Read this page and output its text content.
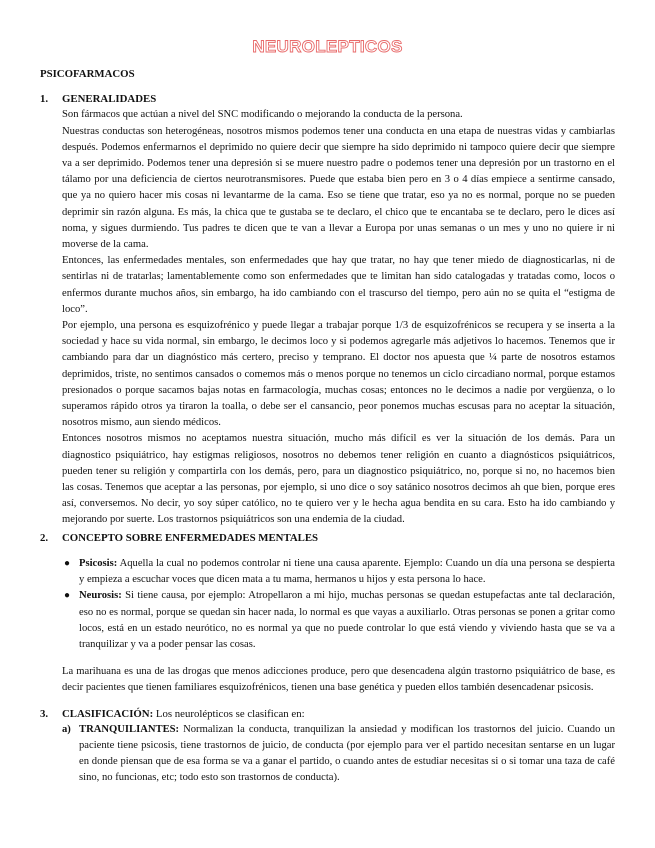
NEUROLEPTICOS
PSICOFARMACOS
1.	GENERALIDADES

Son fármacos que actúan a nivel del SNC modificando o mejorando la conducta de la persona.

Nuestras conductas son heterogéneas, nosotros mismos podemos tener una conducta en una etapa de nuestras vidas y cambiarlas después. Podemos enfermarnos el deprimido no quiere decir que siempre ha sido deprimido ni tampoco quiere decir que siempre va a ser deprimido. Podemos tener una depresión si se muere nuestro padre o podemos tener una depresión por un trastorno en el tálamo por una deficiencia de ciertos neurotransmisores. Puede que estaba bien pero en 3 o 4 días empiece a sentirme cansado, que ya no quiero hacer mis cosas ni levantarme de la cama. Eso se tiene que tratar, eso ya no es normal, porque no se pueden deprimir sin razón alguna. Es más, la chica que te gustaba se te declaro, el chico que te encantaba se te declaro, pero le dices así noma, y sigues durmiendo. Tus padres te dicen que te van a llevar a Europa por unas semanas o un mes y uno no quiere ir ni moverse de la cama.

Entonces, las enfermedades mentales, son enfermedades que hay que tratar, no hay que tener miedo de diagnosticarlas, ni de sentirlas ni de tratarlas; lamentablemente como son enfermedades que te limitan han sido catalogadas y tratadas como, locos o enfermos durante muchos años, sin embargo, ha ido cambiando con el trascurso del tiempo, pero aún no se quita el “estigma de loco”.

Por ejemplo, una persona es esquizofrénico y puede llegar a trabajar porque 1/3 de esquizofrénicos se recupera y se inserta a la sociedad y hace su vida normal, sin embargo, le decimos loco y si podemos agregarle más adjetivos lo hacemos. Tenemos que ir cambiando para dar un diagnóstico más certero, preciso y temprano. El doctor nos apuesta que ¼ parte de nosotros estamos deprimidos, triste, no sentimos cansados o comemos más o menos porque no tenemos un ciclo circadiano normal, porque estamos presionados o porque sacamos bajas notas en farmacología, muchas cosas; entonces no le decimos a nadie por vergüenza, o lo superamos rápido otros ya tiraron la toalla, o debe ser el cansancio, peor ponemos muchas escusas para no aceptar la situación, nosotros mismo, aun siendo médicos.

Entonces nosotros mismos no aceptamos nuestra situación, mucho más difícil es ver la situación de los demás. Para un diagnostico psiquiátrico, hay estigmas religiosos, nosotros no debemos tener religión en cuanto a diagnósticos psiquiátricos, pueden tener su religión y compartirla con los demás, pero, para un diagnostico psiquiátrico, no, porque si no, no hacemos bien las cosas. Tenemos que aceptar a las personas, por ejemplo, si uno dice o soy satánico nosotros decimos ah que bien, porque eres así, conversemos. No decir, yo soy súper católico, no te quiero ver y le hecha agua bendita en su cara. Esto ha ido cambiando y mejorando por suerte. Los trastornos psiquiátricos son una endemia de la ciudad.

2.	CONCEPTO SOBRE ENFERMEDADES MENTALES
● Psicosis: Aquella la cual no podemos controlar ni tiene una causa aparente. Ejemplo: Cuando un día una persona se despierta y empieza a escuchar voces que dicen mata a tu mama, hermanos u hijos y esta persona lo hace.
● Neurosis: Si tiene causa, por ejemplo: Atropellaron a mi hijo, muchas personas se quedan estupefactas ante tal declaración, eso no es normal, porque se quedan sin hacer nada, lo normal es que vayas a auxiliarlo. Otras personas se ponen a gritar como locos, está en un estado neurótico, no es normal ya que no puede controlar lo que está viendo y viviendo hasta que se va a tranquilizar y va a poder pensar las cosas.

La marihuana es una de las drogas que menos adicciones produce, pero que desencadena algún trastorno psiquiátrico de base, es decir pacientes que tienen familiares esquizofrénicos, tienen una base genética y pueden ellos también desencadenar psicosis.

3.	CLASIFICACIÓN: Los neurolépticos se clasifican en:
a) TRANQUILIANTES: Normalizan la conducta, tranquilizan la ansiedad y modifican los trastornos del juicio. Cuando un paciente tiene psicosis, tiene trastornos de juicio, de conducta (por ejemplo para ver el partido necesitan sentarse en un lugar en donde piensan que de esa forma se va a ganar el partido, o cuando antes de estudiar necesitas si o si tomar una taza de café sino, no funcionas, etc; todo esto son trastornos de conducta).
